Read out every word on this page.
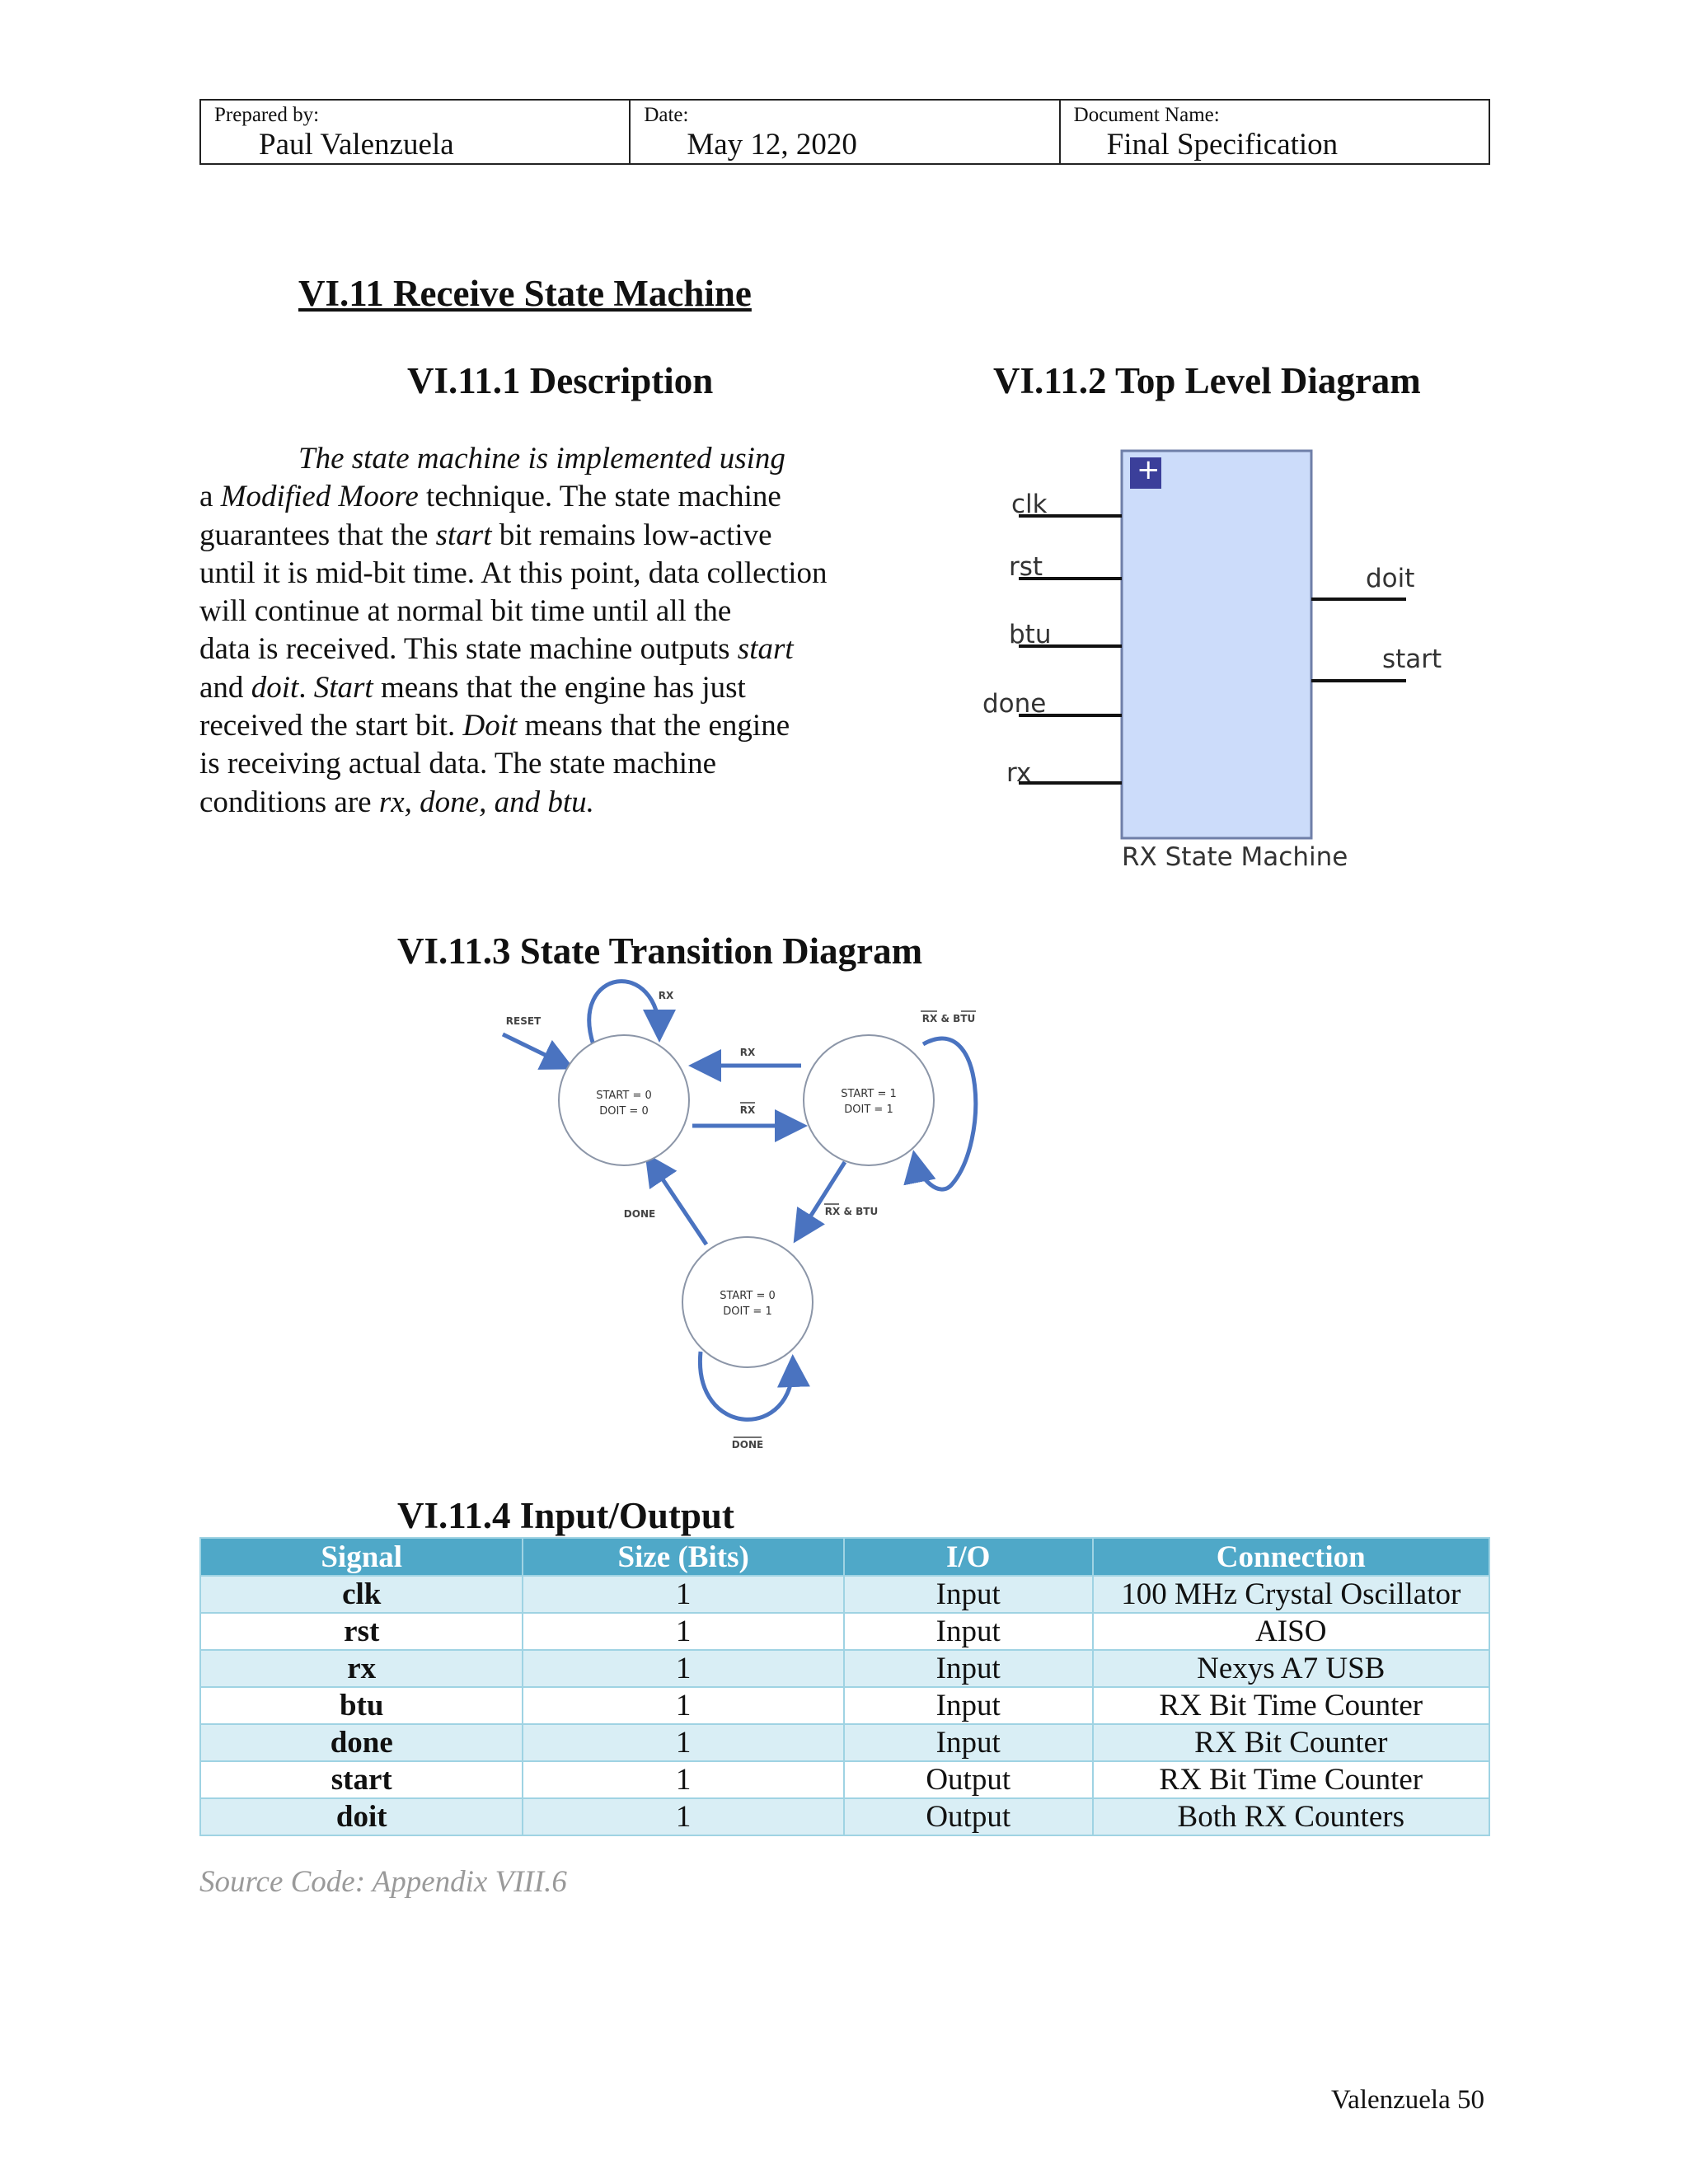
Prepared by:
Paul Valenzuela
Date:
May 12, 2020
Document Name:
Final Specification
VI.11 Receive State Machine
VI.11.1 Description	VI.11.2 Top Level Diagram
The state machine is implemented using
a Modified Moore technique. The state machine
guarantees that the start bit remains low-active
until it is mid-bit time. At this point, data collection
will continue at normal bit time until all the
data is received. This state machine outputs start
and doit. Start means that the engine has just
received the start bit. Doit means that the engine
is receiving actual data. The state machine
conditions are rx, done, and btu.
+
clk
rst
btu
done
rx
doit
start
RX State Machine
VI.11.3 State Transition Diagram
START = 0
DOIT = 0
START = 1
DOIT = 1
START = 0
DOIT = 1
RESET
RX
RX
RX
RX & BTU
RX & BTU
DONE
DONE
VI.11.4 Input/Output
Signal	Size (Bits)	I/O	Connection
clk	1	Input	100 MHz Crystal Oscillator
rst	1	Input	AISO
rx	1	Input	Nexys A7 USB
btu	1	Input	RX Bit Time Counter
done	1	Input	RX Bit Counter
start	1	Output	RX Bit Time Counter
doit	1	Output	Both RX Counters
Source Code: Appendix VIII.6
Valenzuela 50
